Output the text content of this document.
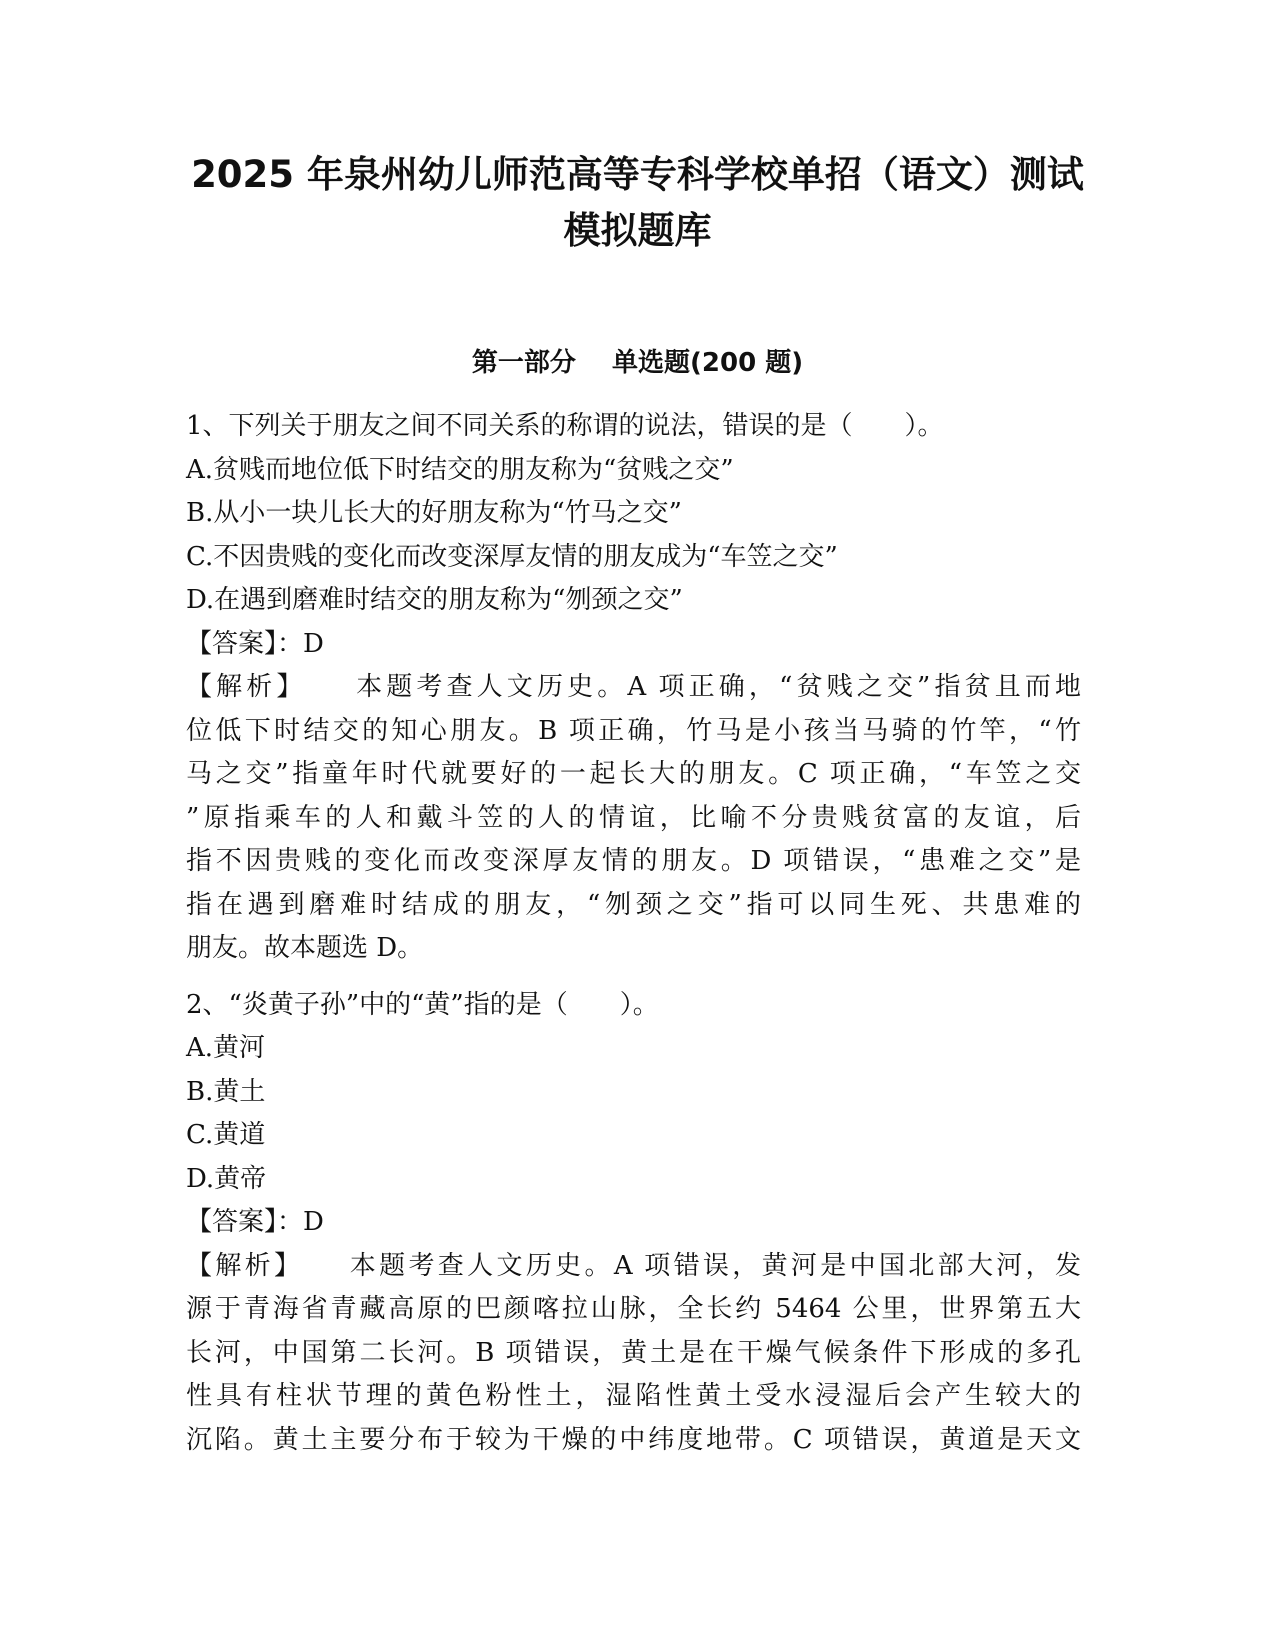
2025 年泉州幼儿师范高等专科学校单招（语文）测试
模拟题库
第一部分    单选题(200 题)
1、下列关于朋友之间不同关系的称谓的说法，错误的是（　　）。
A.贫贱而地位低下时结交的朋友称为“贫贱之交”
B.从小一块儿长大的好朋友称为“竹马之交”
C.不因贵贱的变化而改变深厚友情的朋友成为“车笠之交”
D.在遇到磨难时结交的朋友称为“刎颈之交”
【答案】：D
【解析】    本题考查人文历史。A 项正确，“贫贱之交”指贫且而地
位低下时结交的知心朋友。B 项正确，竹马是小孩当马骑的竹竿，“竹
马之交”指童年时代就要好的一起长大的朋友。C 项正确，“车笠之交
”原指乘车的人和戴斗笠的人的情谊，比喻不分贵贱贫富的友谊，后
指不因贵贱的变化而改变深厚友情的朋友。D 项错误，“患难之交”是
指在遇到磨难时结成的朋友，“刎颈之交”指可以同生死、共患难的
朋友。故本题选 D。
2、“炎黄子孙”中的“黄”指的是（　　）。
A.黄河
B.黄土
C.黄道
D.黄帝
【答案】：D
【解析】    本题考查人文历史。A 项错误，黄河是中国北部大河，发
源于青海省青藏高原的巴颜喀拉山脉，全长约 5464 公里，世界第五大
长河，中国第二长河。B 项错误，黄土是在干燥气候条件下形成的多孔
性具有柱状节理的黄色粉性土，湿陷性黄土受水浸湿后会产生较大的
沉陷。黄土主要分布于较为干燥的中纬度地带。C 项错误，黄道是天文
